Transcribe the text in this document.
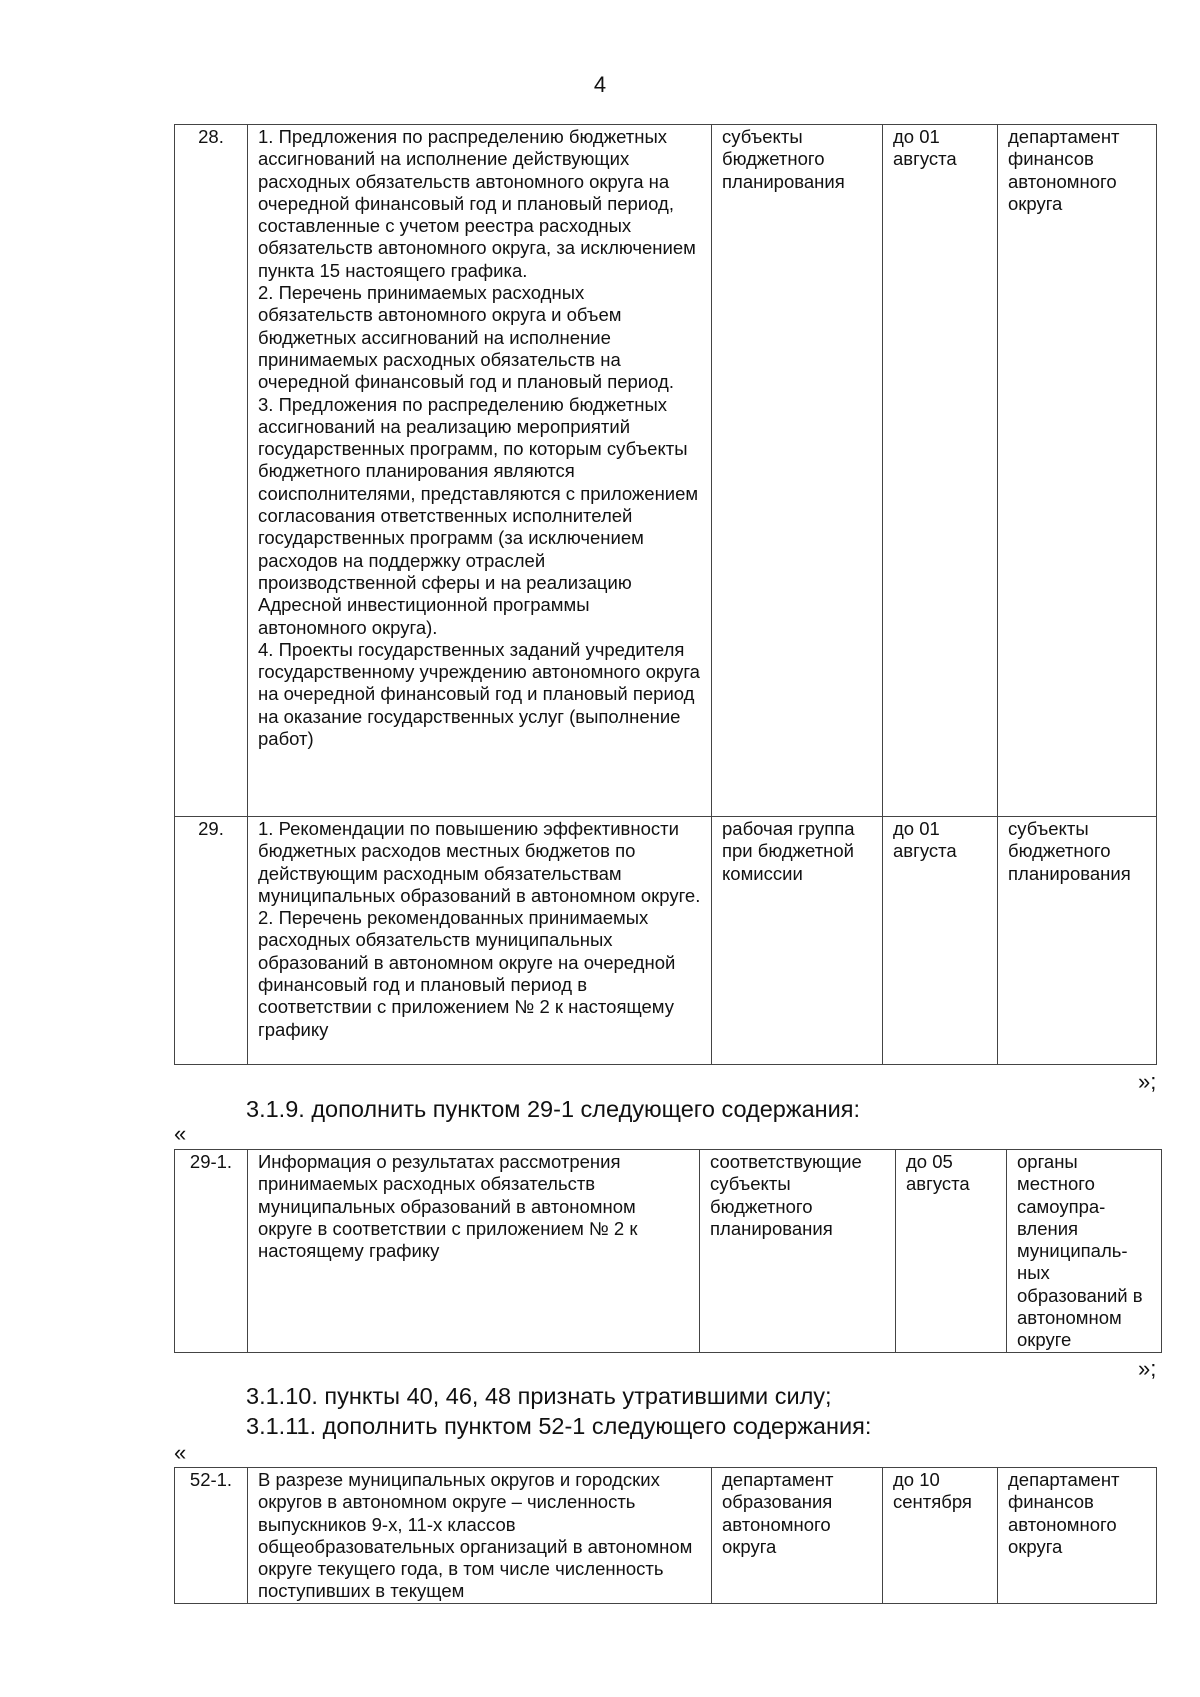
4
28.	1. Предложения по распределению бюджетных ассигнований на исполнение действующих расходных обязательств автономного округа на очередной финансовый год и плановый период, составленные с учетом реестра расходных обязательств автономного округа, за исключением пункта 15 настоящего графика.
2. Перечень принимаемых расходных обязательств автономного округа и объем бюджетных ассигнований на исполнение принимаемых расходных обязательств на очередной финансовый год и плановый период.
3. Предложения по распределению бюджетных ассигнований на реализацию мероприятий государственных программ, по которым субъекты бюджетного планирования являются соисполнителями, представляются с приложением согласования ответственных исполнителей государственных программ (за исключением расходов на поддержку отраслей производственной сферы и на реализацию Адресной инвестиционной программы автономного округа).
4. Проекты государственных заданий учредителя государственному учреждению автономного округа на очередной финансовый год и плановый период на оказание государственных услуг (выполнение работ)	субъекты бюджетного планирования	до 01 августа	департамент финансов автономного округа
29.	1. Рекомендации по повышению эффективности бюджетных расходов местных бюджетов по действующим расходным обязательствам муниципальных образований в автономном округе.
2. Перечень рекомендованных принимаемых расходных обязательств муниципальных образований в автономном округе на очередной финансовый год и плановый период в соответствии с приложением № 2 к настоящему графику	рабочая группа при бюджетной комиссии	до 01 августа	субъекты бюджетного планирования
»;
3.1.9. дополнить пунктом 29-1 следующего содержания:
«
29-1.	Информация о результатах рассмотрения принимаемых расходных обязательств муниципальных образований в автономном округе в соответствии с приложением № 2 к настоящему графику	соответствующие субъекты бюджетного планирования	до 05 августа	органы местного самоупра-вления муниципаль-ных образований в автономном округе
»;
3.1.10. пункты 40, 46, 48 признать утратившими силу;
3.1.11. дополнить пунктом 52-1 следующего содержания:
«
52-1.	В разрезе муниципальных округов и городских округов в автономном округе – численность выпускников 9-х, 11-х классов общеобразовательных организаций в автономном округе текущего года, в том числе численность поступивших в текущем	департамент образования автономного округа	до 10 сентября	департамент финансов автономного округа
